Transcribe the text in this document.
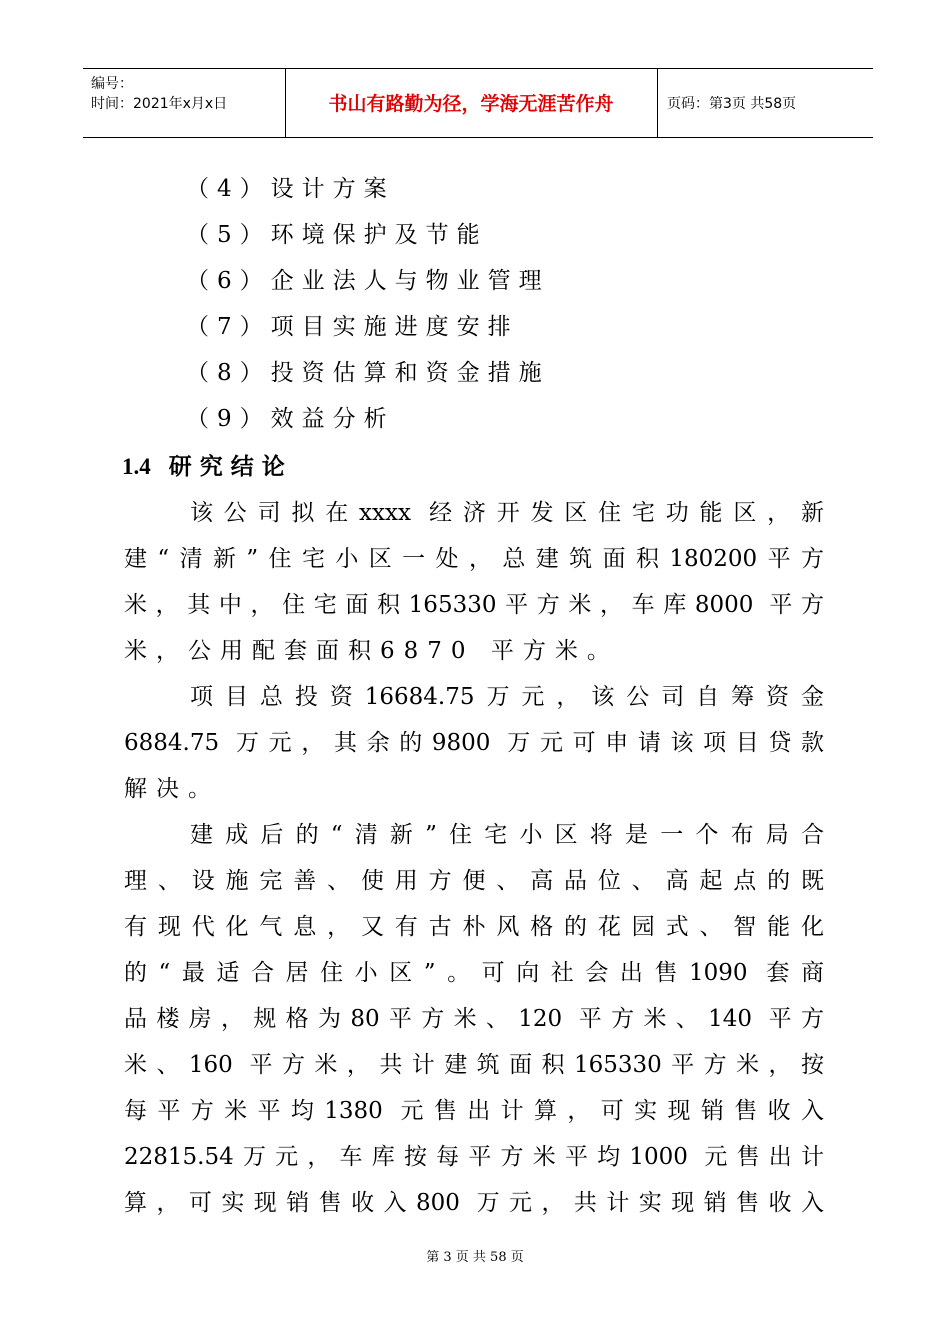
编号：
时间：2021年x月x日	书山有路勤为径，学海无涯苦作舟	页码：第3页 共58页
（4）设计方案
（5）环境保护及节能
（6）企业法人与物业管理
（7）项目实施进度安排
（8）投资估算和资金措施
（9）效益分析
1.4 研究结论
该公司拟在xxxx 经济开发区住宅功能区，新
建“清新”住宅小区一处，总建筑面积180200平方
米，其中，住宅面积165330平方米，车库8000 平方
米，公用配套面积6870 平方米。
项目总投资16684.75万元，该公司自筹资金
6884.75 万元，其余的9800 万元可申请该项目贷款
解决。
建成后的“清新”住宅小区将是一个布局合
理、设施完善、使用方便、高品位、高起点的既
有现代化气息，又有古朴风格的花园式、智能化
的“最适合居住小区”。可向社会出售1090 套商
品楼房，规格为80平方米、120 平方米、140 平方
米、160 平方米，共计建筑面积165330平方米，按
每平方米平均1380 元售出计算，可实现销售收入
22815.54万元，车库按每平方米平均1000 元售出计
算，可实现销售收入800 万元，共计实现销售收入
第 3 页 共 58 页
